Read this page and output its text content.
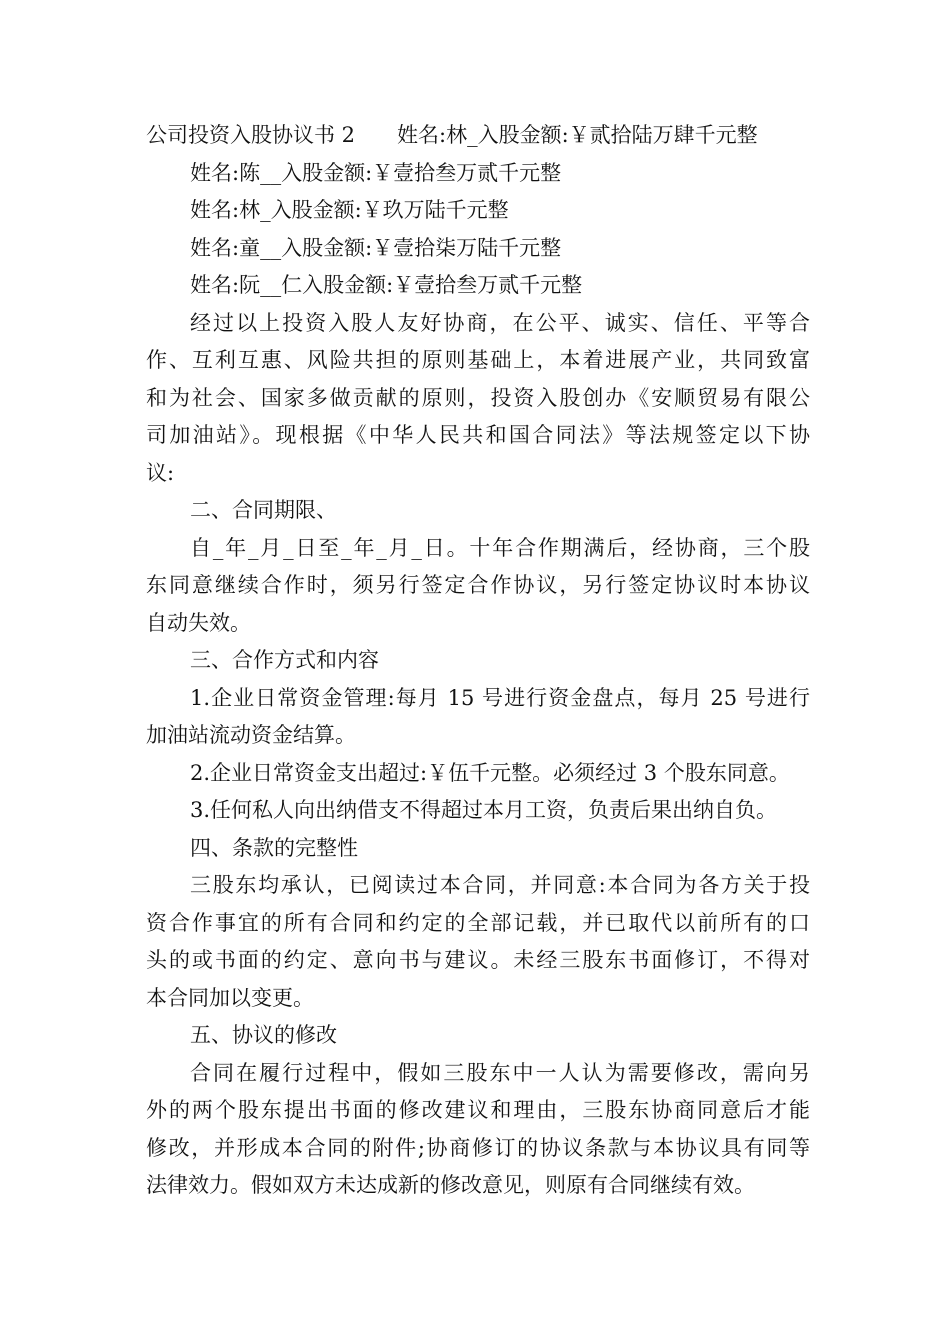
公司投资入股协议书 2　　姓名:林_入股金额:￥贰拾陆万肆千元整
姓名:陈__入股金额:￥壹拾叁万贰千元整
姓名:林_入股金额:￥玖万陆千元整
姓名:童__入股金额:￥壹拾柒万陆千元整
姓名:阮__仁入股金额:￥壹拾叁万贰千元整
经过以上投资入股人友好协商，在公平、诚实、信任、平等合
作、互利互惠、风险共担的原则基础上，本着进展产业，共同致富
和为社会、国家多做贡献的原则，投资入股创办《安顺贸易有限公
司加油站》。现根据《中华人民共和国合同法》等法规签定以下协
议:
二、合同期限、
自_年_月_日至_年_月_日。十年合作期满后，经协商，三个股
东同意继续合作时，须另行签定合作协议，另行签定协议时本协议
自动失效。
三、合作方式和内容
1.企业日常资金管理:每月 15 号进行资金盘点，每月 25 号进行
加油站流动资金结算。
2.企业日常资金支出超过:￥伍千元整。必须经过 3 个股东同意。
3.任何私人向出纳借支不得超过本月工资，负责后果出纳自负。
四、条款的完整性
三股东均承认，已阅读过本合同，并同意:本合同为各方关于投
资合作事宜的所有合同和约定的全部记载，并已取代以前所有的口
头的或书面的约定、意向书与建议。未经三股东书面修订，不得对
本合同加以变更。
五、协议的修改
合同在履行过程中，假如三股东中一人认为需要修改，需向另
外的两个股东提出书面的修改建议和理由，三股东协商同意后才能
修改，并形成本合同的附件;协商修订的协议条款与本协议具有同等
法律效力。假如双方未达成新的修改意见，则原有合同继续有效。
